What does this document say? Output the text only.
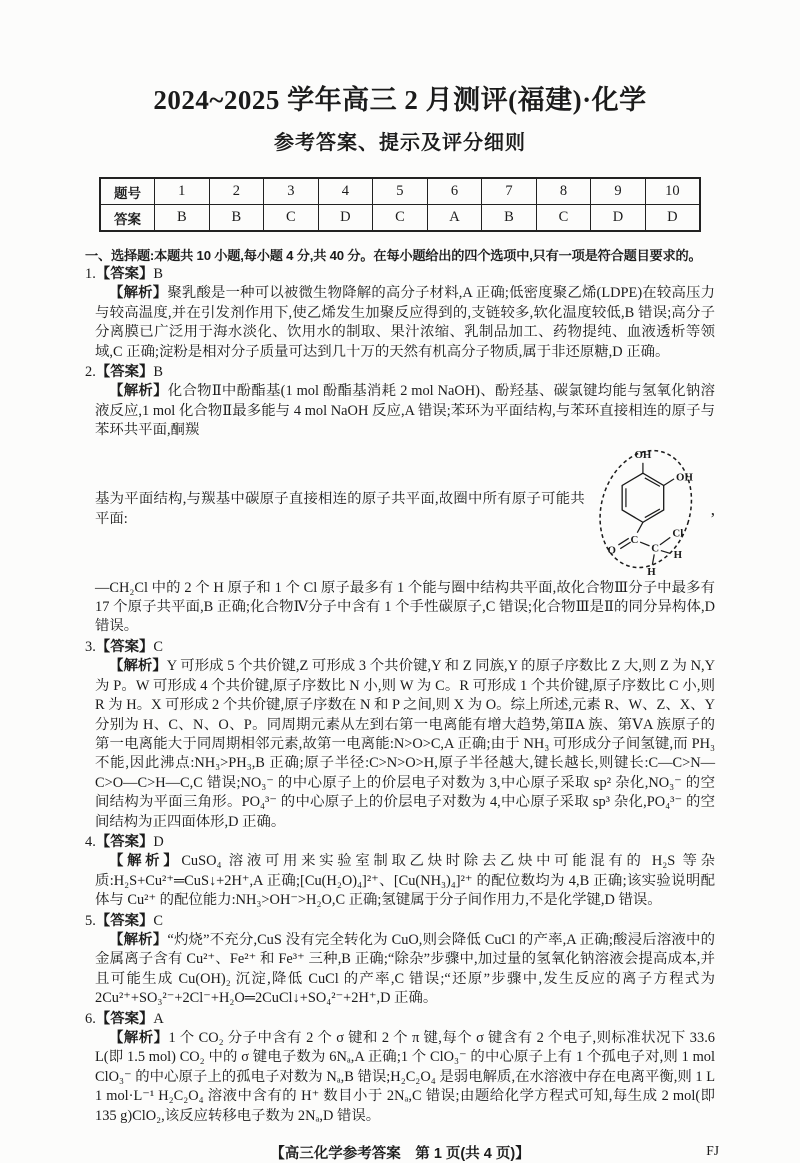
2024~2025 学年高三 2 月测评(福建)·化学
参考答案、提示及评分细则
题号	1	2	3	4	5	6	7	8	9	10
答案	B	B	C	D	C	A	B	C	D	D
一、选择题:本题共 10 小题,每小题 4 分,共 40 分。在每小题给出的四个选项中,只有一项是符合题目要求的。
1.【答案】B
【解析】聚乳酸是一种可以被微生物降解的高分子材料,A 正确;低密度聚乙烯(LDPE)在较高压力与较高温度,并在引发剂作用下,使乙烯发生加聚反应得到的,支链较多,软化温度较低,B 错误;高分子分离膜已广泛用于海水淡化、饮用水的制取、果汁浓缩、乳制品加工、药物提纯、血液透析等领域,C 正确;淀粉是相对分子质量可达到几十万的天然有机高分子物质,属于非还原糖,D 正确。
2.【答案】B
【解析】化合物Ⅱ中酚酯基(1 mol 酚酯基消耗 2 mol NaOH)、酚羟基、碳氯键均能与氢氧化钠溶液反应,1 mol 化合物Ⅱ最多能与 4 mol NaOH 反应,A 错误;苯环为平面结构,与苯环直接相连的原子与苯环共平面,酮羰
基为平面结构,与羰基中碳原子直接相连的原子共平面,故圈中所有原子可能共平面:
OH
OH
C
O	C
Cl
H
H
,
—CH₂Cl 中的 2 个 H 原子和 1 个 Cl 原子最多有 1 个能与圈中结构共平面,故化合物Ⅲ分子中最多有 17 个原子共平面,B 正确;化合物Ⅳ分子中含有 1 个手性碳原子,C 错误;化合物Ⅲ是Ⅱ的同分异构体,D 错误。
3.【答案】C
【解析】Y 可形成 5 个共价键,Z 可形成 3 个共价键,Y 和 Z 同族,Y 的原子序数比 Z 大,则 Z 为 N,Y 为 P。W 可形成 4 个共价键,原子序数比 N 小,则 W 为 C。R 可形成 1 个共价键,原子序数比 C 小,则 R 为 H。X 可形成 2 个共价键,原子序数在 N 和 P 之间,则 X 为 O。综上所述,元素 R、W、Z、X、Y 分别为 H、C、N、O、P。同周期元素从左到右第一电离能有增大趋势,第ⅡA 族、第ⅤA 族原子的第一电离能大于同周期相邻元素,故第一电离能:N>O>C,A 正确;由于 NH₃ 可形成分子间氢键,而 PH₃ 不能,因此沸点:NH₃>PH₃,B 正确;原子半径:C>N>O>H,原子半径越大,键长越长,则键长:C—C>N—C>O—C>H—C,C 错误;NO₃⁻ 的中心原子上的价层电子对数为 3,中心原子采取 sp² 杂化,NO₃⁻ 的空间结构为平面三角形。PO₄³⁻ 的中心原子上的价层电子对数为 4,中心原子采取 sp³ 杂化,PO₄³⁻ 的空间结构为正四面体形,D 正确。
4.【答案】D
【解析】CuSO₄ 溶液可用来实验室制取乙炔时除去乙炔中可能混有的 H₂S 等杂质:H₂S+Cu²⁺═CuS↓+2H⁺,A 正确;[Cu(H₂O)₄]²⁺、[Cu(NH₃)₄]²⁺ 的配位数均为 4,B 正确;该实验说明配体与 Cu²⁺ 的配位能力:NH₃>OH⁻>H₂O,C 正确;氢键属于分子间作用力,不是化学键,D 错误。
5.【答案】C
【解析】“灼烧”不充分,CuS 没有完全转化为 CuO,则会降低 CuCl 的产率,A 正确;酸浸后溶液中的金属离子含有 Cu²⁺、Fe²⁺ 和 Fe³⁺ 三种,B 正确;“除杂”步骤中,加过量的氢氧化钠溶液会提高成本,并且可能生成 Cu(OH)₂ 沉淀,降低 CuCl 的产率,C 错误;“还原”步骤中,发生反应的离子方程式为 2Cu²⁺+SO₃²⁻+2Cl⁻+H₂O═2CuCl↓+SO₄²⁻+2H⁺,D 正确。
6.【答案】A
【解析】1 个 CO₂ 分子中含有 2 个 σ 键和 2 个 π 键,每个 σ 键含有 2 个电子,则标准状况下 33.6 L(即 1.5 mol) CO₂ 中的 σ 键电子数为 6Nₐ,A 正确;1 个 ClO₃⁻ 的中心原子上有 1 个孤电子对,则 1 mol ClO₃⁻ 的中心原子上的孤电子对数为 Nₐ,B 错误;H₂C₂O₄ 是弱电解质,在水溶液中存在电离平衡,则 1 L 1 mol·L⁻¹ H₂C₂O₄ 溶液中含有的 H⁺ 数目小于 2Nₐ,C 错误;由题给化学方程式可知,每生成 2 mol(即 135 g)ClO₂,该反应转移电子数为 2Nₐ,D 错误。
【高三化学参考答案　第 1 页(共 4 页)】	FJ
